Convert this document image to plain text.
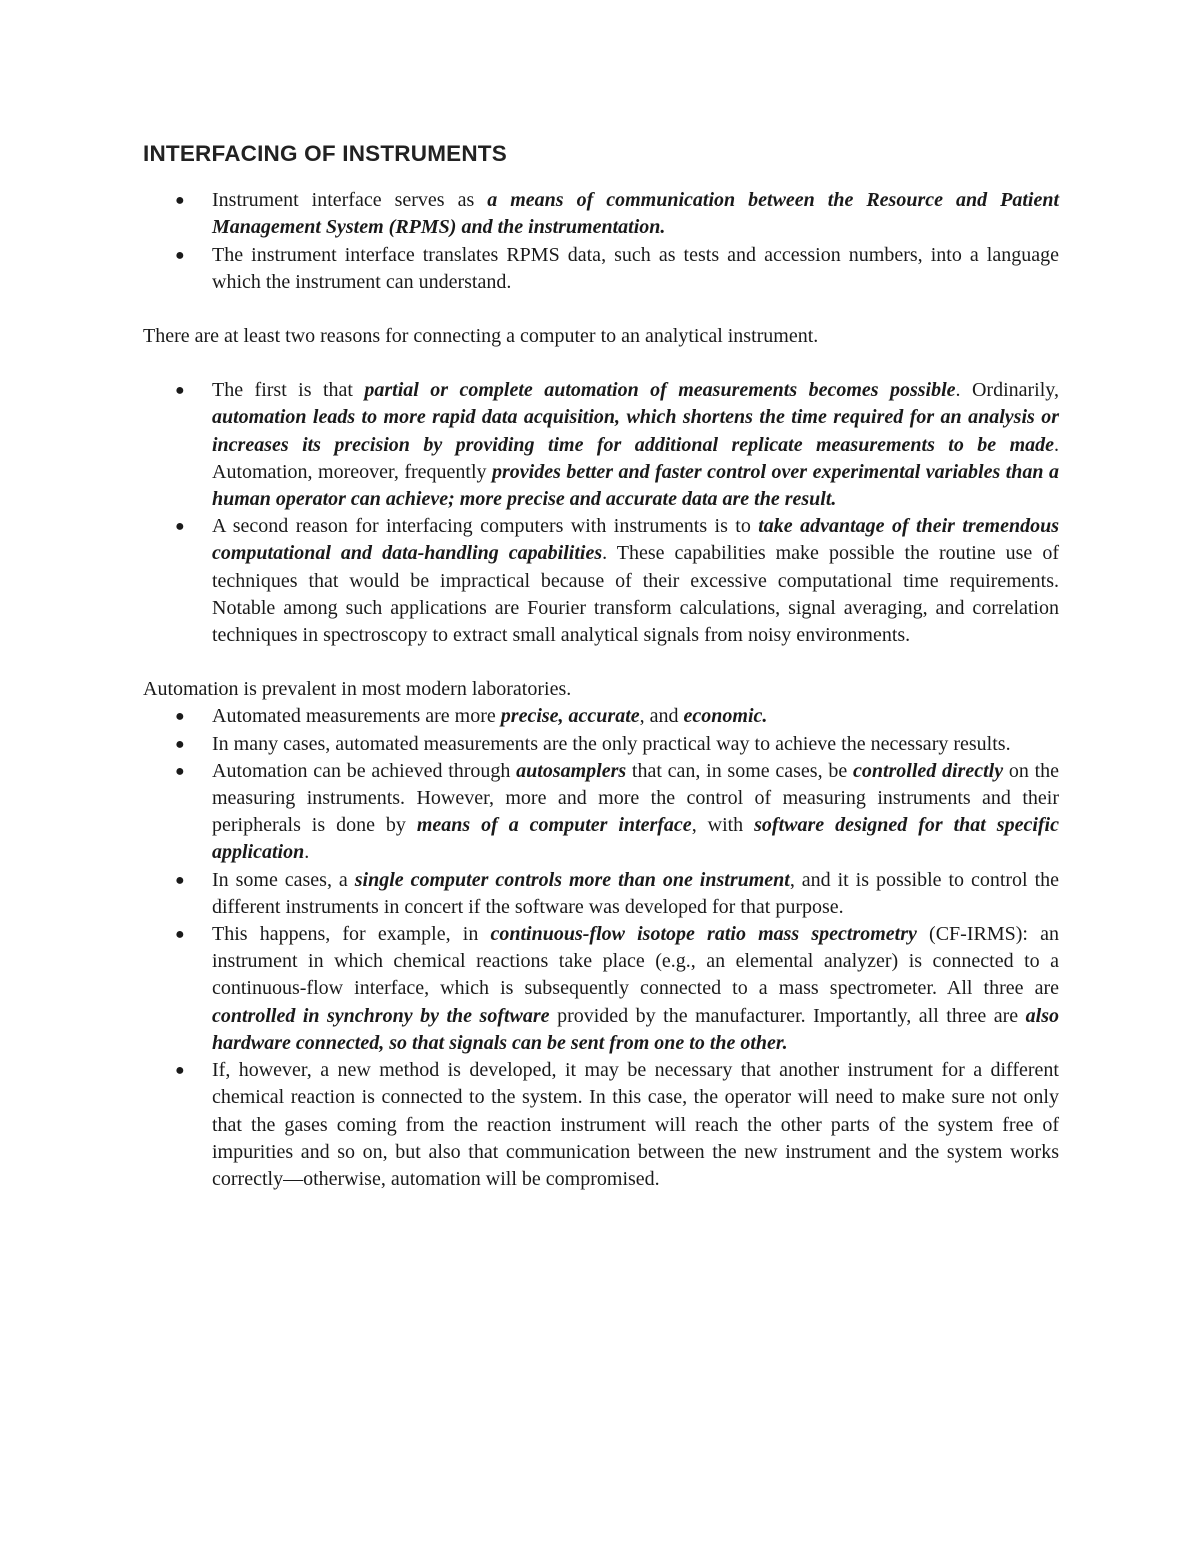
INTERFACING OF INSTRUMENTS
● Instrument interface serves as a means of communication between the Resource and Patient Management System (RPMS) and the instrumentation.
● The instrument interface translates RPMS data, such as tests and accession numbers, into a language which the instrument can understand.

There are at least two reasons for connecting a computer to an analytical instrument.

● The first is that partial or complete automation of measurements becomes possible. Ordinarily, automation leads to more rapid data acquisition, which shortens the time required for an analysis or increases its precision by providing time for additional replicate measurements to be made. Automation, moreover, frequently provides better and faster control over experimental variables than a human operator can achieve; more precise and accurate data are the result.
● A second reason for interfacing computers with instruments is to take advantage of their tremendous computational and data-handling capabilities. These capabilities make possible the routine use of techniques that would be impractical because of their excessive computational time requirements. Notable among such applications are Fourier transform calculations, signal averaging, and correlation techniques in spectroscopy to extract small analytical signals from noisy environments.

Automation is prevalent in most modern laboratories.

● Automated measurements are more precise, accurate, and economic.
● In many cases, automated measurements are the only practical way to achieve the necessary results.
● Automation can be achieved through autosamplers that can, in some cases, be controlled directly on the measuring instruments. However, more and more the control of measuring instruments and their peripherals is done by means of a computer interface, with software designed for that specific application.
● In some cases, a single computer controls more than one instrument, and it is possible to control the different instruments in concert if the software was developed for that purpose.
● This happens, for example, in continuous-flow isotope ratio mass spectrometry (CF-IRMS): an instrument in which chemical reactions take place (e.g., an elemental analyzer) is connected to a continuous-flow interface, which is subsequently connected to a mass spectrometer. All three are controlled in synchrony by the software provided by the manufacturer. Importantly, all three are also hardware connected, so that signals can be sent from one to the other.
● If, however, a new method is developed, it may be necessary that another instrument for a different chemical reaction is connected to the system. In this case, the operator will need to make sure not only that the gases coming from the reaction instrument will reach the other parts of the system free of impurities and so on, but also that communication between the new instrument and the system works correctly—otherwise, automation will be compromised.
